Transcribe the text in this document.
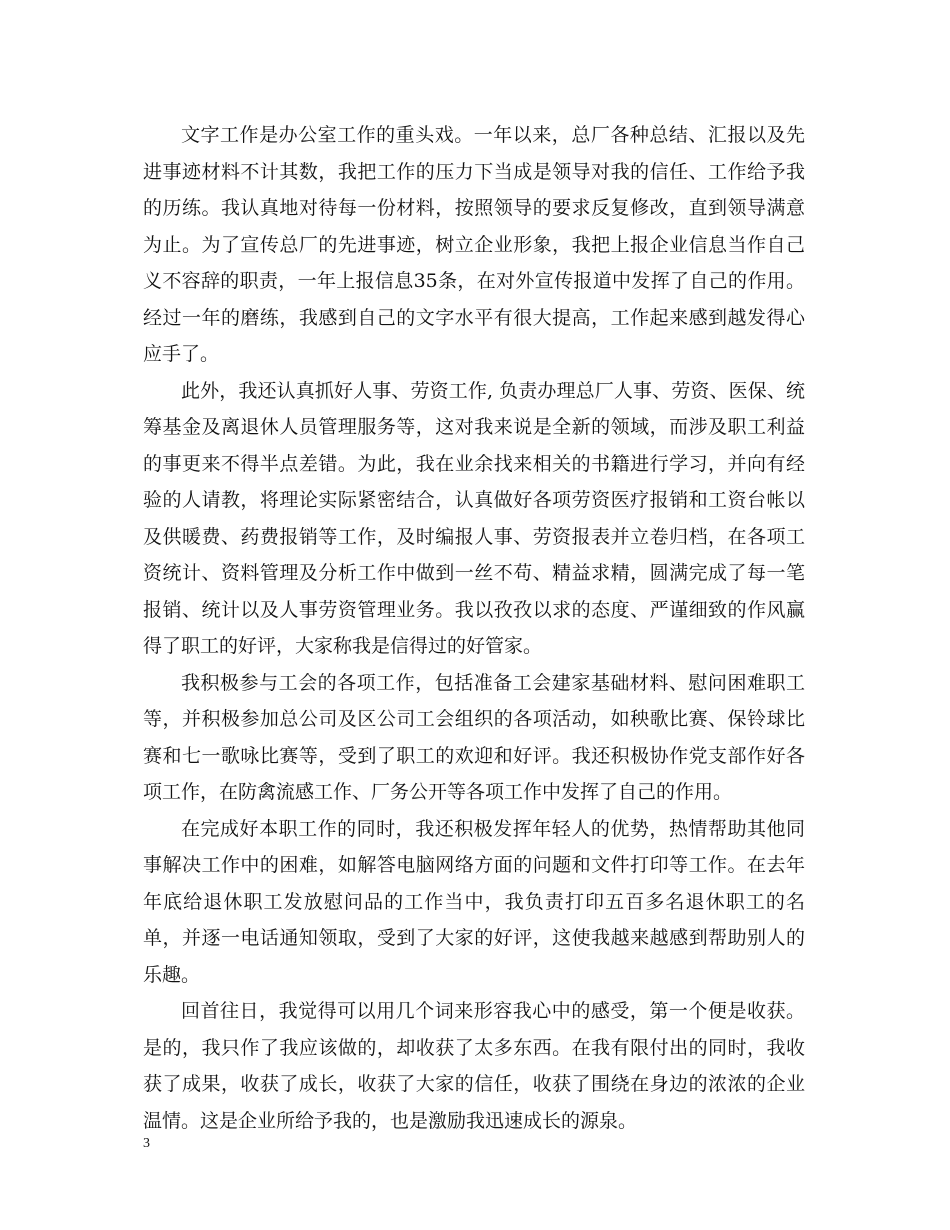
文字工作是办公室工作的重头戏。一年以来，总厂各种总结、汇报以及先进事迹材料不计其数，我把工作的压力下当成是领导对我的信任、工作给予我的历练。我认真地对待每一份材料，按照领导的要求反复修改，直到领导满意为止。为了宣传总厂的先进事迹，树立企业形象，我把上报企业信息当作自己义不容辞的职责，一年上报信息35条，在对外宣传报道中发挥了自己的作用。经过一年的磨练，我感到自己的文字水平有很大提高，工作起来感到越发得心应手了。

此外，我还认真抓好人事、劳资工作, 负责办理总厂人事、劳资、医保、统筹基金及离退休人员管理服务等，这对我来说是全新的领域，而涉及职工利益的事更来不得半点差错。为此，我在业余找来相关的书籍进行学习，并向有经验的人请教，将理论实际紧密结合，认真做好各项劳资医疗报销和工资台帐以及供暖费、药费报销等工作，及时编报人事、劳资报表并立卷归档，在各项工资统计、资料管理及分析工作中做到一丝不苟、精益求精，圆满完成了每一笔报销、统计以及人事劳资管理业务。我以孜孜以求的态度、严谨细致的作风赢得了职工的好评，大家称我是信得过的好管家。

我积极参与工会的各项工作，包括准备工会建家基础材料、慰问困难职工等，并积极参加总公司及区公司工会组织的各项活动，如秧歌比赛、保铃球比赛和七一歌咏比赛等，受到了职工的欢迎和好评。我还积极协作党支部作好各项工作，在防禽流感工作、厂务公开等各项工作中发挥了自己的作用。

在完成好本职工作的同时，我还积极发挥年轻人的优势，热情帮助其他同事解决工作中的困难，如解答电脑网络方面的问题和文件打印等工作。在去年年底给退休职工发放慰问品的工作当中，我负责打印五百多名退休职工的名单，并逐一电话通知领取，受到了大家的好评，这使我越来越感到帮助别人的乐趣。

回首往日，我觉得可以用几个词来形容我心中的感受，第一个便是收获。是的，我只作了我应该做的，却收获了太多东西。在我有限付出的同时，我收获了成果，收获了成长，收获了大家的信任，收获了围绕在身边的浓浓的企业温情。这是企业所给予我的，也是激励我迅速成长的源泉。

3
